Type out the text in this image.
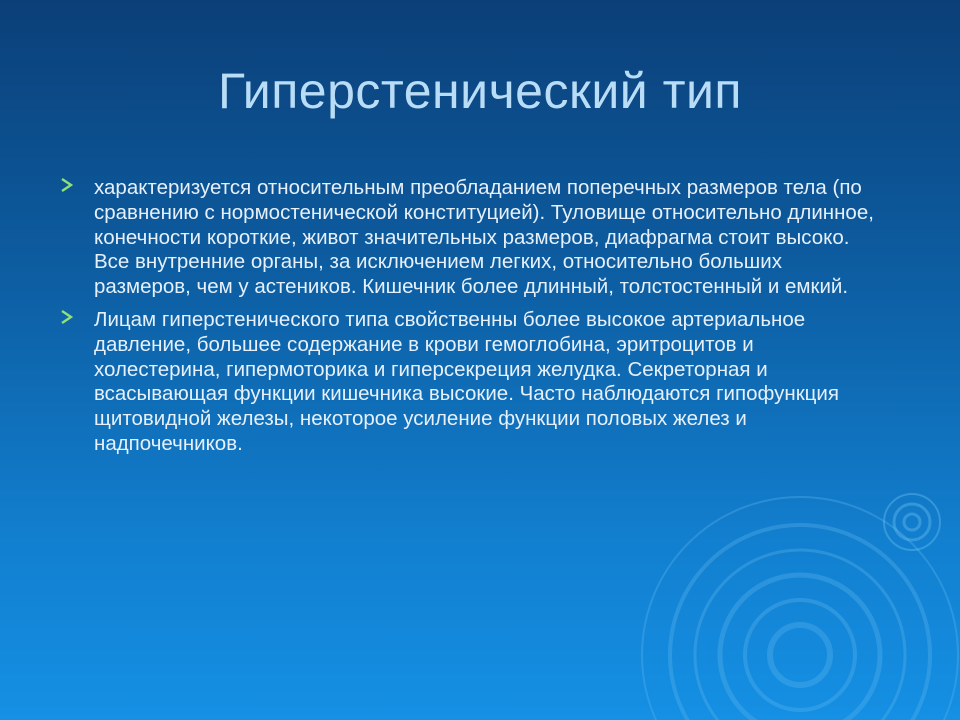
Гиперстенический тип
характеризуется относительным преобладанием поперечных размеров тела (по сравнению с нормостенической конституцией). Туловище относительно длинное, конечности короткие, живот значительных размеров, диафрагма стоит высоко. Все внутренние органы, за исключением легких, относительно больших размеров, чем у астеников. Кишечник более длинный, толстостенный и емкий.
Лицам гиперстенического типа свойственны более высокое артериальное давление, большее содержание в крови гемоглобина, эритроцитов и холестерина, гипермоторика и гиперсекреция желудка. Секреторная и всасывающая функции кишечника высокие. Часто наблюдаются гипофункция щитовидной железы, некоторое усиление функции половых желез и надпочечников.
